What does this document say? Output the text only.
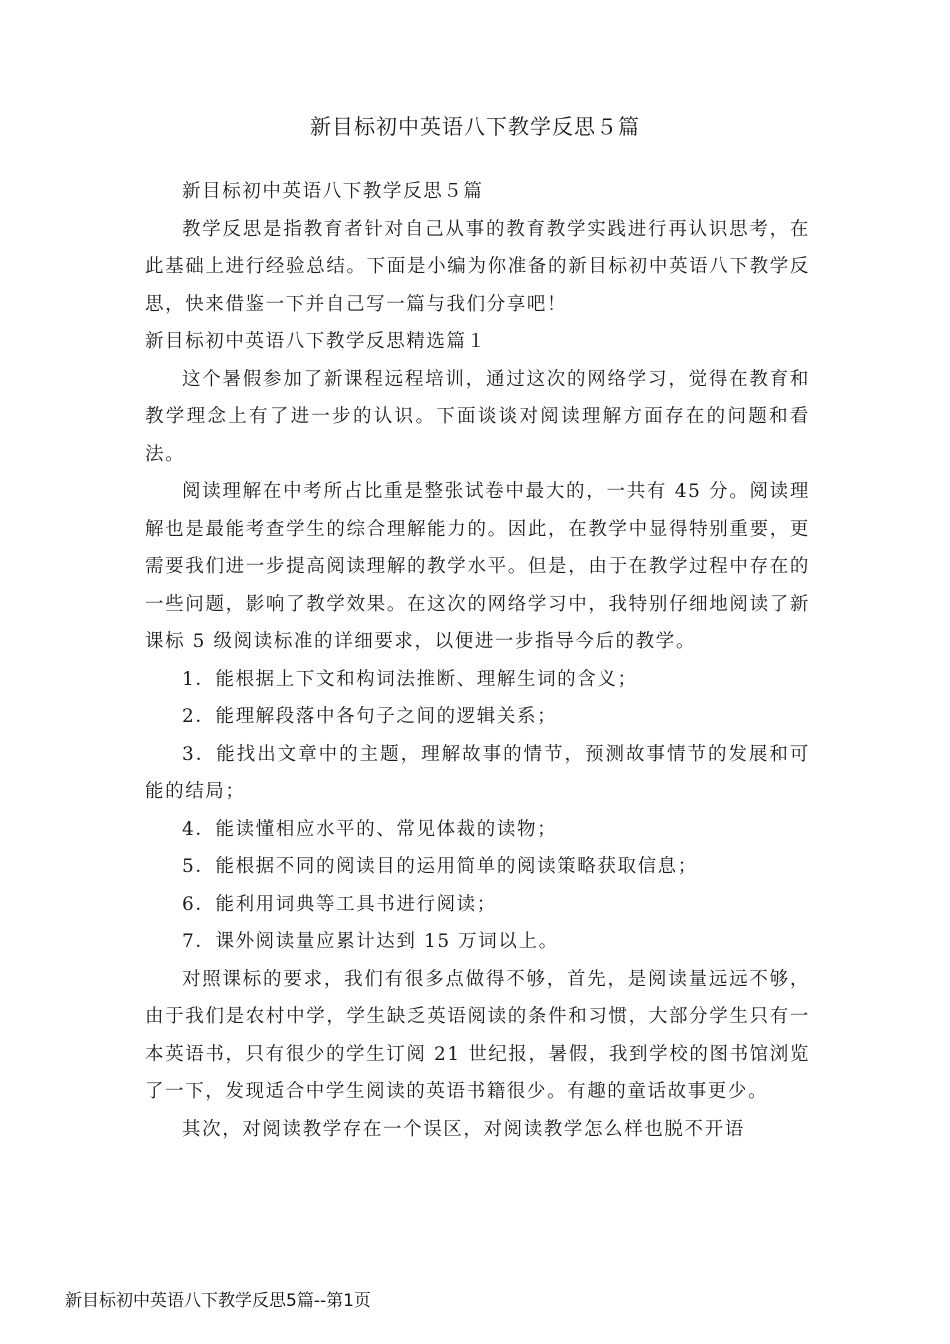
新目标初中英语八下教学反思５篇

新目标初中英语八下教学反思５篇

教学反思是指教育者针对自己从事的教育教学实践进行再认识思考，在此基础上进行经验总结。下面是小编为你准备的新目标初中英语八下教学反思，快来借鉴一下并自己写一篇与我们分享吧！

新目标初中英语八下教学反思精选篇１

这个暑假参加了新课程远程培训，通过这次的网络学习，觉得在教育和教学理念上有了进一步的认识。下面谈谈对阅读理解方面存在的问题和看法。

阅读理解在中考所占比重是整张试卷中最大的，一共有 45 分。阅读理解也是最能考查学生的综合理解能力的。因此，在教学中显得特别重要，更需要我们进一步提高阅读理解的教学水平。但是，由于在教学过程中存在的一些问题，影响了教学效果。在这次的网络学习中，我特别仔细地阅读了新课标 5 级阅读标准的详细要求，以便进一步指导今后的教学。

1．能根据上下文和构词法推断、理解生词的含义；

2．能理解段落中各句子之间的逻辑关系；

3．能找出文章中的主题，理解故事的情节，预测故事情节的发展和可能的结局；

4．能读懂相应水平的、常见体裁的读物；

5．能根据不同的阅读目的运用简单的阅读策略获取信息；

6．能利用词典等工具书进行阅读；

7．课外阅读量应累计达到 15 万词以上。

对照课标的要求，我们有很多点做得不够，首先，是阅读量远远不够，由于我们是农村中学，学生缺乏英语阅读的条件和习惯，大部分学生只有一本英语书，只有很少的学生订阅 21 世纪报，暑假，我到学校的图书馆浏览了一下，发现适合中学生阅读的英语书籍很少。有趣的童话故事更少。

其次，对阅读教学存在一个误区，对阅读教学怎么样也脱不开语

新目标初中英语八下教学反思5篇--第1页
